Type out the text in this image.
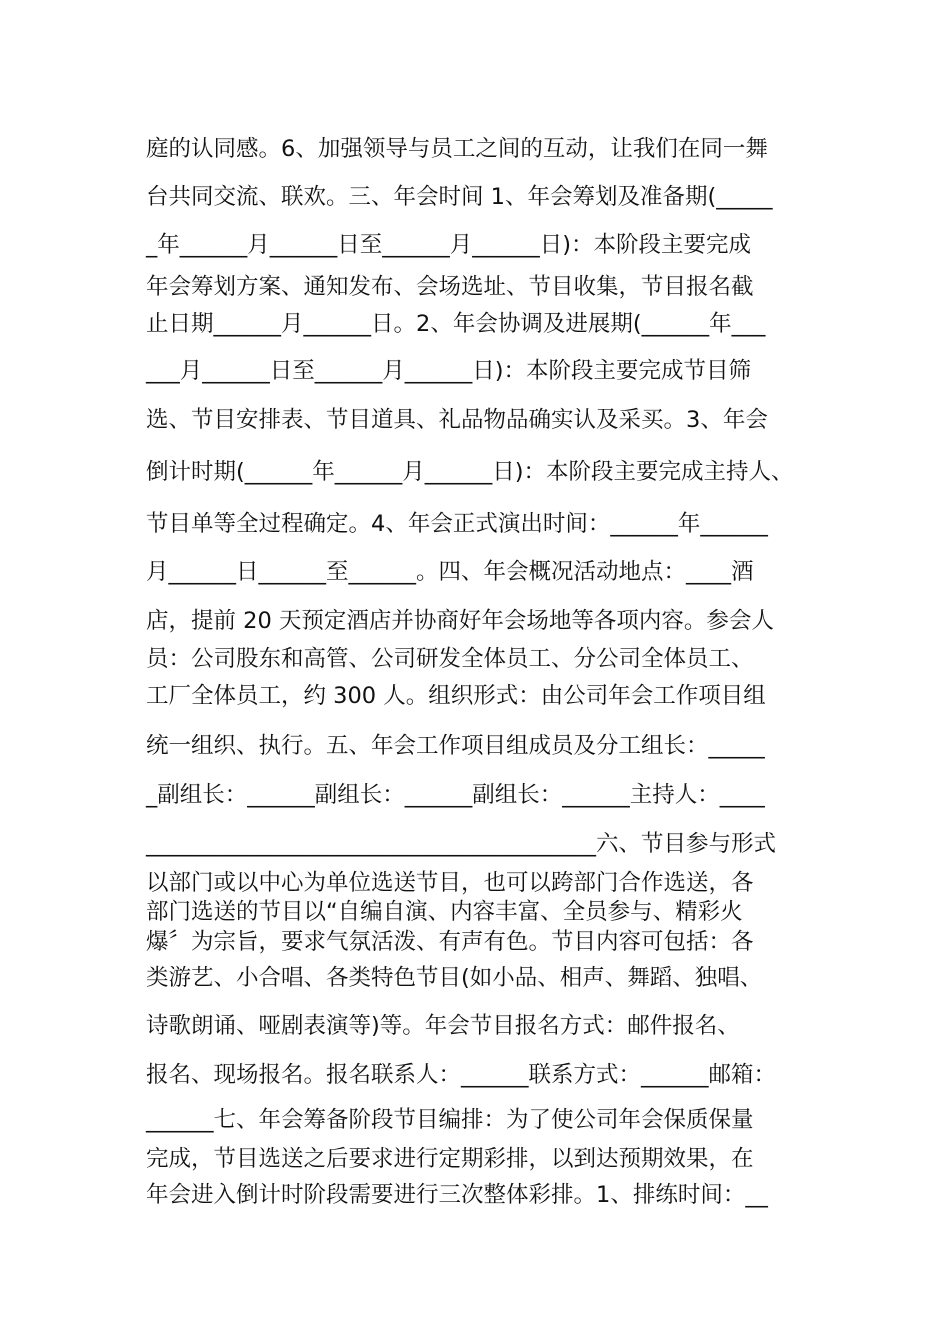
庭的认同感。6、加强领导与员工之间的互动，让我们在同一舞
台共同交流、联欢。三、年会时间 1、年会筹划及准备期(_____
_年______月______日至______月______日)：本阶段主要完成
年会筹划方案、通知发布、会场选址、节目收集，节目报名截
止日期______月______日。2、年会协调及进展期(______年___
___月______日至______月______日)：本阶段主要完成节目筛
选、节目安排表、节目道具、礼品物品确实认及采买。3、年会
倒计时期(______年______月______日)：本阶段主要完成主持人、
节目单等全过程确定。4、年会正式演出时间：______年______
月______日______至______。四、年会概况活动地点：____酒
店，提前 20 天预定酒店并协商好年会场地等各项内容。参会人
员：公司股东和高管、公司研发全体员工、分公司全体员工、
工厂全体员工，约 300 人。组织形式：由公司年会工作项目组
统一组织、执行。五、年会工作项目组成员及分工组长：_____
_副组长：______副组长：______副组长：______主持人：____
________________________________________六、节目参与形式
以部门或以中心为单位选送节目，也可以跨部门合作选送，各
部门选送的节目以“自编自演、内容丰富、全员参与、精彩火
爆〞为宗旨，要求气氛活泼、有声有色。节目内容可包括：各
类游艺、小合唱、各类特色节目(如小品、相声、舞蹈、独唱、
诗歌朗诵、哑剧表演等)等。年会节目报名方式：邮件报名、
报名、现场报名。报名联系人：______联系方式：______邮箱：
______七、年会筹备阶段节目编排：为了使公司年会保质保量
完成，节目选送之后要求进行定期彩排，以到达预期效果，在
年会进入倒计时阶段需要进行三次整体彩排。1、排练时间：__
